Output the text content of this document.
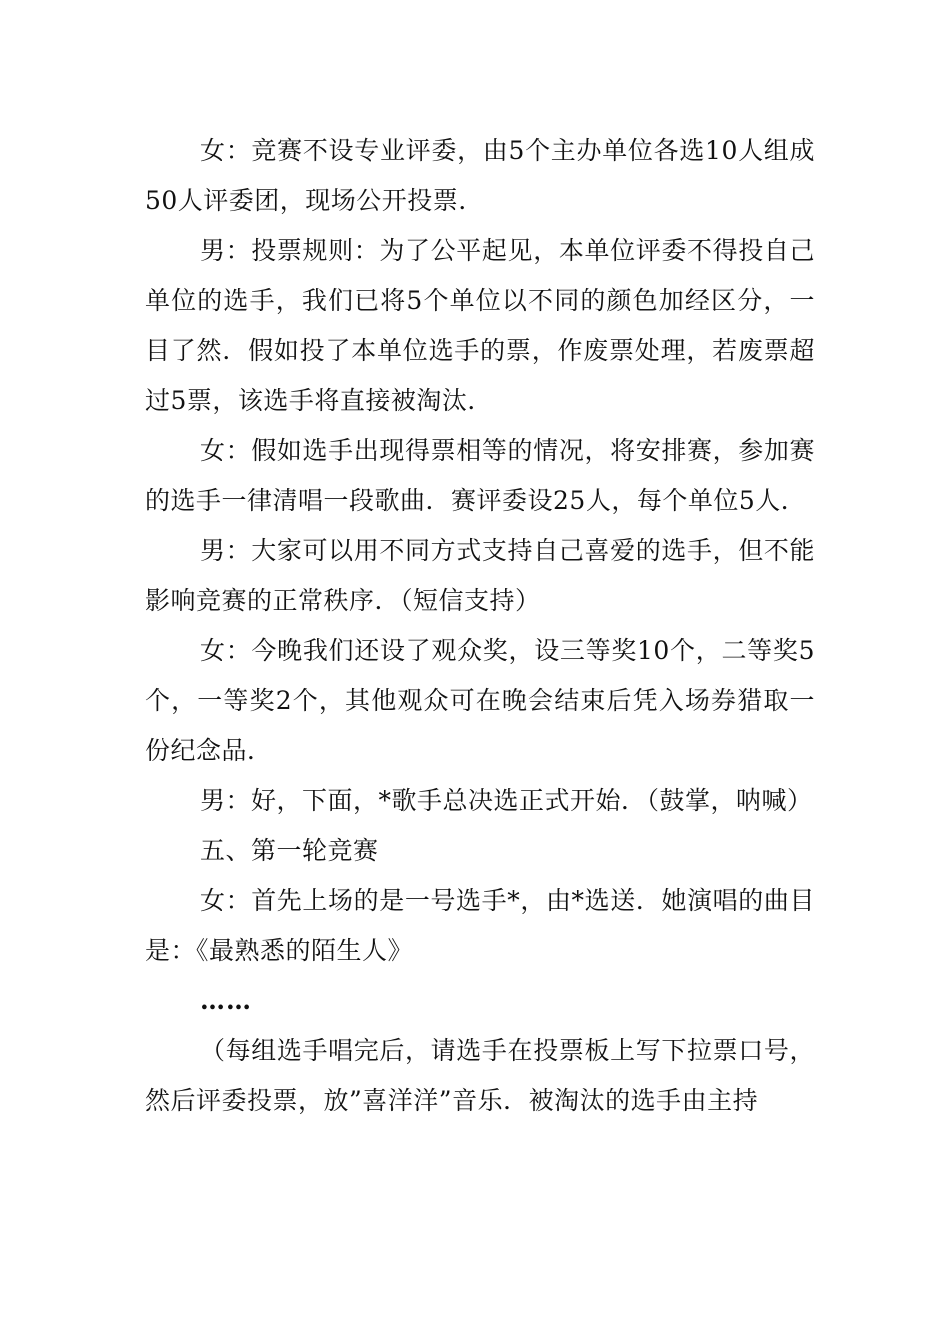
女：竞赛不设专业评委，由5个主办单位各选10人组成50人评委团，现场公开投票．

男：投票规则：为了公平起见，本单位评委不得投自己单位的选手，我们已将5个单位以不同的颜色加经区分，一目了然．假如投了本单位选手的票，作废票处理，若废票超过5票，该选手将直接被淘汰．

女：假如选手出现得票相等的情况，将安排赛，参加赛的选手一律清唱一段歌曲．赛评委设25人，每个单位5人．

男：大家可以用不同方式支持自己喜爱的选手，但不能影响竞赛的正常秩序．（短信支持）

女：今晚我们还设了观众奖，设三等奖10个，二等奖5个，一等奖2个，其他观众可在晚会结束后凭入场券猎取一份纪念品．

男：好，下面，*歌手总决选正式开始．（鼓掌，呐喊）

五、第一轮竞赛

女：首先上场的是一号选手*，由*选送．她演唱的曲目是：《最熟悉的陌生人》

……

（每组选手唱完后，请选手在投票板上写下拉票口号，然后评委投票，放”喜洋洋”音乐．被淘汰的选手由主持
